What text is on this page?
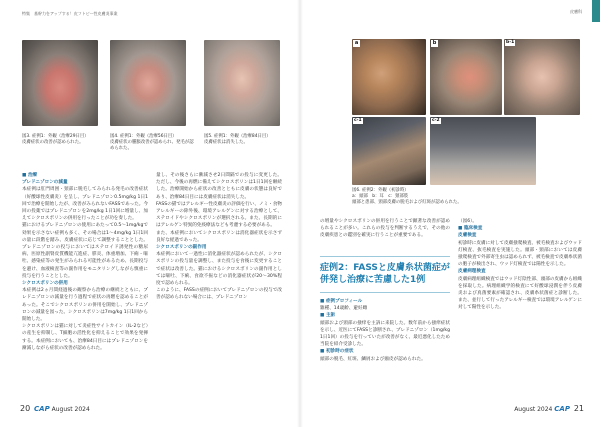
特集　基幹力をアップする！皮フトピー性皮膚炎事業
図3. 症例1：外観（治療29日目）
皮膚症状の改善が認められた。
図4. 症例1：外観（治療56日目）
皮膚症状の腫脹改善が認められ、発毛が認められた。
図5. 症例1：外観（治療84日目）
皮膚症状は消失した。

■ 治療

プレドニゾロンの減量

本症例は肛門周囲・頸部に脱毛してみられる発毛の改善症状（好酸球性皮膚炎）を呈し、プレドニゾロン0.5mg/kg 1日1回で治療を開始したが、改善がみられないFASSであった。今回の投薬ではプレドニゾロンを2mg/kg 1日1回に増量し、加えてシクロスポリンの併用を行ったことが功を奏した。

猫におけるプレドニゾロンの使用にあたって0.5〜1mg/kgで効果を示さない症例も多く、その場合は1〜4mg/kg 1日1回の量に段階を踏み、皮膚症状に応じて調整することとした。プレドニゾロンの投与においてはステロイド誘発性の糖尿病、医原性副腎皮質機能亢進症、膵炎、体重増加、下痢・嘔吐、感染症等の発生がみられる可能性があるため、長期投与を避け、血液検査等の副作用をモニタリングしながら慎重に投与を行うこととした。

シクロスポリンの併用

本症例は2ヵ月間経過後の観察から治療の継続とともに、プレドニゾロンの減量を行う過程で症状の再燃を認めることがあった。そこでシクロスポリンの併用を開始し、プレドニゾロンの減量を図った。シクロスポリンは7mg/kg 1日1回から開始した。

シクロスポリンは猫に対して炎症性サイトカイン（IL-2など）の産生を抑制し、T細胞の活性化を抑えることで効果を発揮する。本症例においても、治療84日目にはプレドニゾロンを漸減しながら症状の改善が認められた。

量し、その後さらに漸減させ2日間隔での投与に変更した。ただし、今後の再燃に備えてシクロスポリンは1日1回を継続した。治療開始から症状の改善とともに皮膚の状態は良好であり、治療84日目には皮膚症状は消失した。

FASSの猫ではアレルギー性皮膚炎の評価を行い、ノミ・食物アレルギーの除外後、環境アレルゲンに対する治療として、ステロイドやシクロスポリンが選択される。また、長期的にはアレルゲン特異的免疫療法なども考慮する必要がある。

また、本症例においてシクロスポリンは消化器症状を示さず良好な経過であった。

シクロスポリンの副作用

本症例において一過性に消化器症状が認められたが、シクロスポリンの投与量を調整し、また投与を食後に変更することで症状は改善した。猫におけるシクロスポリンの副作用としては嘔吐、下痢、食欲不振などの消化器症状が20〜30%程度で認められる。

このように、FASSの症例においてプレドニゾロンの投与で改善が認められない場合には、プレドニゾロン

20 CAP August 2024
皮膚科
a	b
c-1	c-2
b-1
図6. 症例2：外観（初診時）
a：頭部　b：耳　c：頸部肢
頭部と患部、頸部皮膚の脱毛および紅斑が認められた。

の増量やシクロスポリンの併用を行うことで顕著な改善が認められることが多い。これらの投与を判断するうえで、その他の皮膚疾患との鑑別を確実に行うことが重要である。

症例2：FASSと皮膚糸状菌症が併発し治療に苦慮した1例

■ 症例プロフィール

雑種、14歳齢、避妊雌

■ 主訴

頭部および頸部の掻痒を主訴に来院した。数年前から掻痒症状を示し、近医にてFASSと診断され、プレドニゾロン（1mg/kg 1日1回）の投与を行っていたが改善がなく、最近悪化したため当院を紹介受診した。

■ 初診時の症状

頭部の脱毛、紅斑、鱗屑および痂皮が認められた。

（図6）。

■ 臨床検査

皮膚検査

初診時に皮膚に対して皮膚掻爬検査、被毛検査およびウッド灯検査、抜毛検査を実施した。頭部・頸部においては皮膚掻爬検査で外部寄生虫は認められず、被毛検査で皮膚糸状菌の胞子が検出され、ウッド灯検査では陽性を示した。

皮膚病理検査

皮膚病理組織検査ではウッド灯陰性部、頭部の皮膚から組織を採取した。病理組織学的検査にて好酸球浸潤を伴う皮膚炎および真菌要素が確認され、皮膚糸状菌症と診断した。また、並行して行ったアレルギー検査では環境アレルゲンに対して陽性を示した。

August 2024 CAP 21
